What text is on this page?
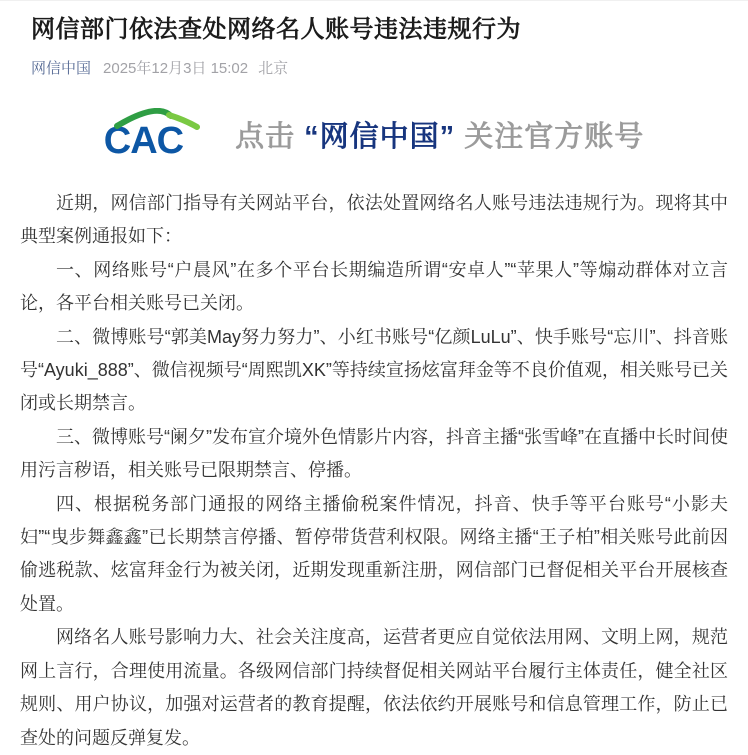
网信部门依法查处网络名人账号违法违规行为
网信中国 2025年12月3日 15:02 北京
CAC 点击 “网信中国” 关注官方账号

近期，网信部门指导有关网站平台，依法处置网络名人账号违法违规行为。现将其中典型案例通报如下：

一、网络账号“户晨风”在多个平台长期编造所谓“安卓人”“苹果人”等煽动群体对立言论，各平台相关账号已关闭。

二、微博账号“郭美May努力努力”、小红书账号“亿颜LuLu”、快手账号“忘川”、抖音账号“Ayuki_888”、微信视频号“周熙凯XK”等持续宣扬炫富拜金等不良价值观，相关账号已关闭或长期禁言。

三、微博账号“阑夕”发布宣介境外色情影片内容，抖音主播“张雪峰”在直播中长时间使用污言秽语，相关账号已限期禁言、停播。

四、根据税务部门通报的网络主播偷税案件情况，抖音、快手等平台账号“小影夫妇”“曳步舞鑫鑫”已长期禁言停播、暂停带货营利权限。网络主播“王子柏”相关账号此前因偷逃税款、炫富拜金行为被关闭，近期发现重新注册，网信部门已督促相关平台开展核查处置。

网络名人账号影响力大、社会关注度高，运营者更应自觉依法用网、文明上网，规范网上言行，合理使用流量。各级网信部门持续督促相关网站平台履行主体责任，健全社区规则、用户协议，加强对运营者的教育提醒，依法依约开展账号和信息管理工作，防止已查处的问题反弹复发。
